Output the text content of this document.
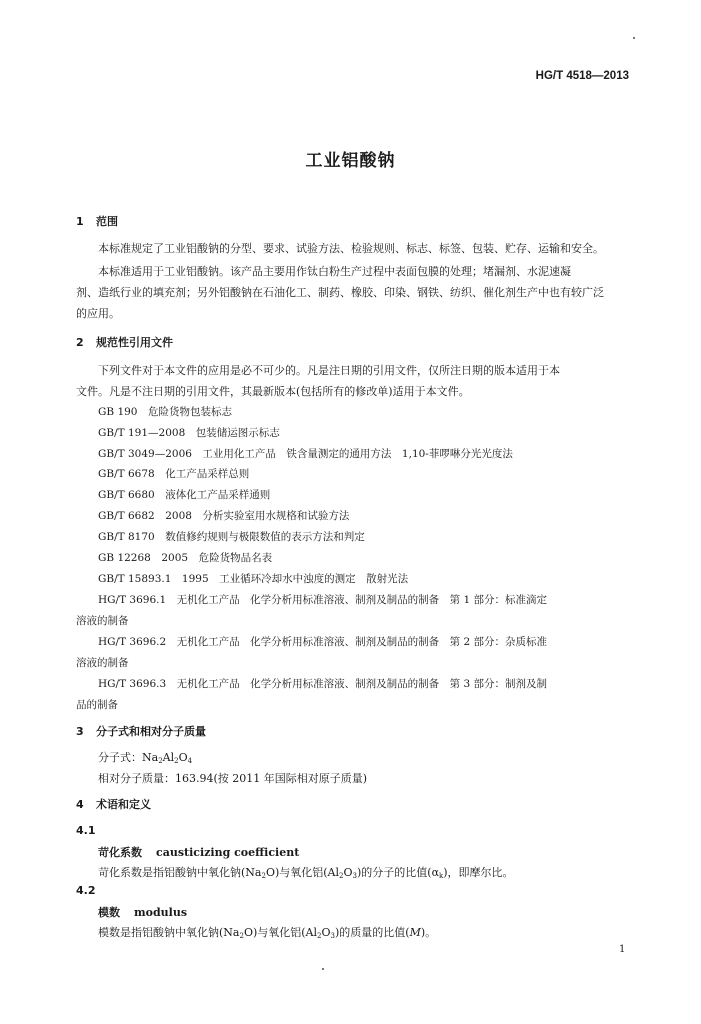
HG/T 4518—2013
工业铝酸钠
1 范围
本标准规定了工业铝酸钠的分型、要求、试验方法、检验规则、标志、标签、包装、贮存、运输和安全。
本标准适用于工业铝酸钠。该产品主要用作钛白粉生产过程中表面包膜的处理；堵漏剂、水泥速凝
剂、造纸行业的填充剂；另外铝酸钠在石油化工、制药、橡胶、印染、钢铁、纺织、催化剂生产中也有较广泛
的应用。
2 规范性引用文件
下列文件对于本文件的应用是必不可少的。凡是注日期的引用文件，仅所注日期的版本适用于本
文件。凡是不注日期的引用文件，其最新版本(包括所有的修改单)适用于本文件。
GB 190　危险货物包装标志
GB/T 191—2008　包装储运图示标志
GB/T 3049—2006　工业用化工产品　铁含量测定的通用方法　1,10-菲啰啉分光光度法
GB/T 6678　化工产品采样总则
GB/T 6680　液体化工产品采样通则
GB/T 6682　2008　分析实验室用水规格和试验方法
GB/T 8170　数值修约规则与极限数值的表示方法和判定
GB 12268　2005　危险货物品名表
GB/T 15893.1　1995　工业循环冷却水中浊度的测定　散射光法
HG/T 3696.1　无机化工产品　化学分析用标准溶液、制剂及制品的制备　第 1 部分：标准滴定
溶液的制备
HG/T 3696.2　无机化工产品　化学分析用标准溶液、制剂及制品的制备　第 2 部分：杂质标准
溶液的制备
HG/T 3696.3　无机化工产品　化学分析用标准溶液、制剂及制品的制备　第 3 部分：制剂及制
品的制备
3 分子式和相对分子质量
分子式：$Na_2Al_2O_4$
相对分子质量：163.94(按 2011 年国际相对原子质量)
4 术语和定义
4.1
苛化系数 causticizing coefficient
苛化系数是指铝酸钠中氧化钠$(Na_2O)$与氧化铝$(Al_2O_3)$的分子的比值$(\alpha_k)$，即摩尔比。
4.2
模数 modulus
模数是指铝酸钠中氧化钠$(Na_2O)$与氧化铝$(Al_2O_3)$的质量的比值(M)。
1
